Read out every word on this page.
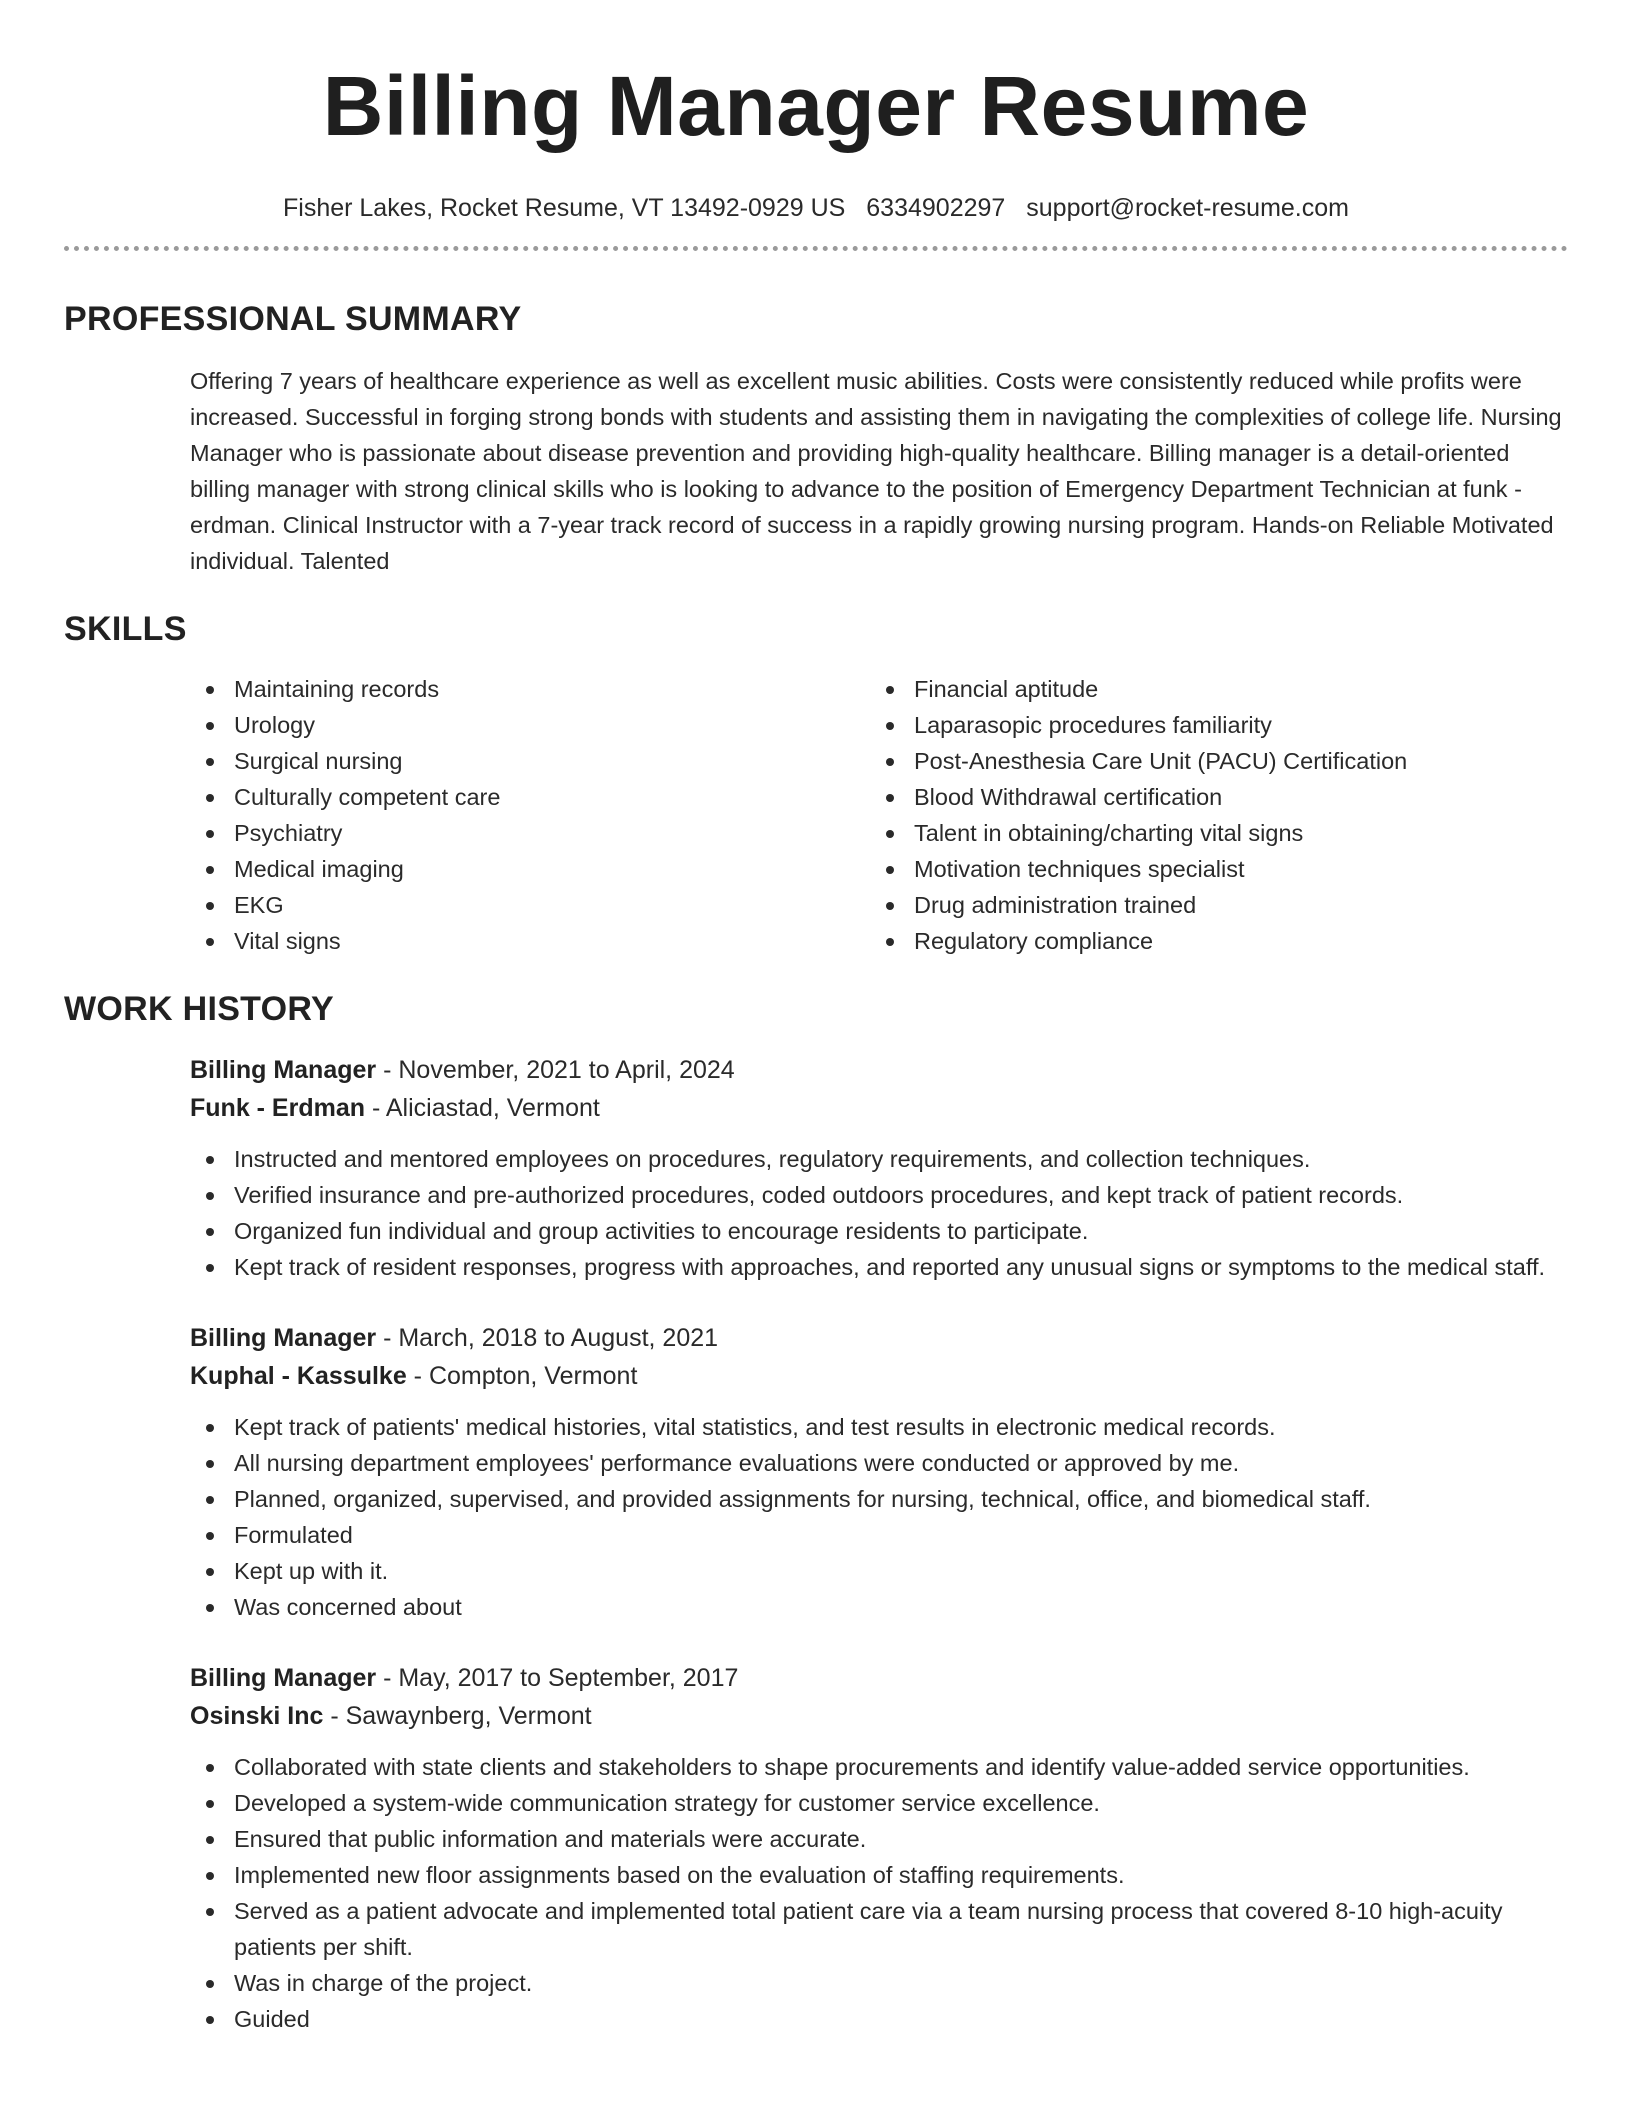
Billing Manager Resume
Fisher Lakes, Rocket Resume, VT 13492-0929 US 6334902297 support@rocket-resume.com
PROFESSIONAL SUMMARY

Offering 7 years of healthcare experience as well as excellent music abilities. Costs were consistently reduced while profits were increased. Successful in forging strong bonds with students and assisting them in navigating the complexities of college life. Nursing Manager who is passionate about disease prevention and providing high-quality healthcare. Billing manager is a detail-oriented billing manager with strong clinical skills who is looking to advance to the position of Emergency Department Technician at funk - erdman. Clinical Instructor with a 7-year track record of success in a rapidly growing nursing program. Hands-on Reliable Motivated individual. Talented

SKILLS
Maintaining records
Urology
Surgical nursing
Culturally competent care
Psychiatry
Medical imaging
EKG
Vital signs
Financial aptitude
Laparasopic procedures familiarity
Post-Anesthesia Care Unit (PACU) Certification
Blood Withdrawal certification
Talent in obtaining/charting vital signs
Motivation techniques specialist
Drug administration trained
Regulatory compliance
WORK HISTORY
Billing Manager - November, 2021 to April, 2024
Funk - Erdman - Aliciastad, Vermont
Instructed and mentored employees on procedures, regulatory requirements, and collection techniques.
Verified insurance and pre-authorized procedures, coded outdoors procedures, and kept track of patient records.
Organized fun individual and group activities to encourage residents to participate.
Kept track of resident responses, progress with approaches, and reported any unusual signs or symptoms to the medical staff.
Billing Manager - March, 2018 to August, 2021
Kuphal - Kassulke - Compton, Vermont
Kept track of patients' medical histories, vital statistics, and test results in electronic medical records.
All nursing department employees' performance evaluations were conducted or approved by me.
Planned, organized, supervised, and provided assignments for nursing, technical, office, and biomedical staff.
Formulated
Kept up with it.
Was concerned about
Billing Manager - May, 2017 to September, 2017
Osinski Inc - Sawaynberg, Vermont
Collaborated with state clients and stakeholders to shape procurements and identify value-added service opportunities.
Developed a system-wide communication strategy for customer service excellence.
Ensured that public information and materials were accurate.
Implemented new floor assignments based on the evaluation of staffing requirements.
Served as a patient advocate and implemented total patient care via a team nursing process that covered 8-10 high-acuity patients per shift.
Was in charge of the project.
Guided
